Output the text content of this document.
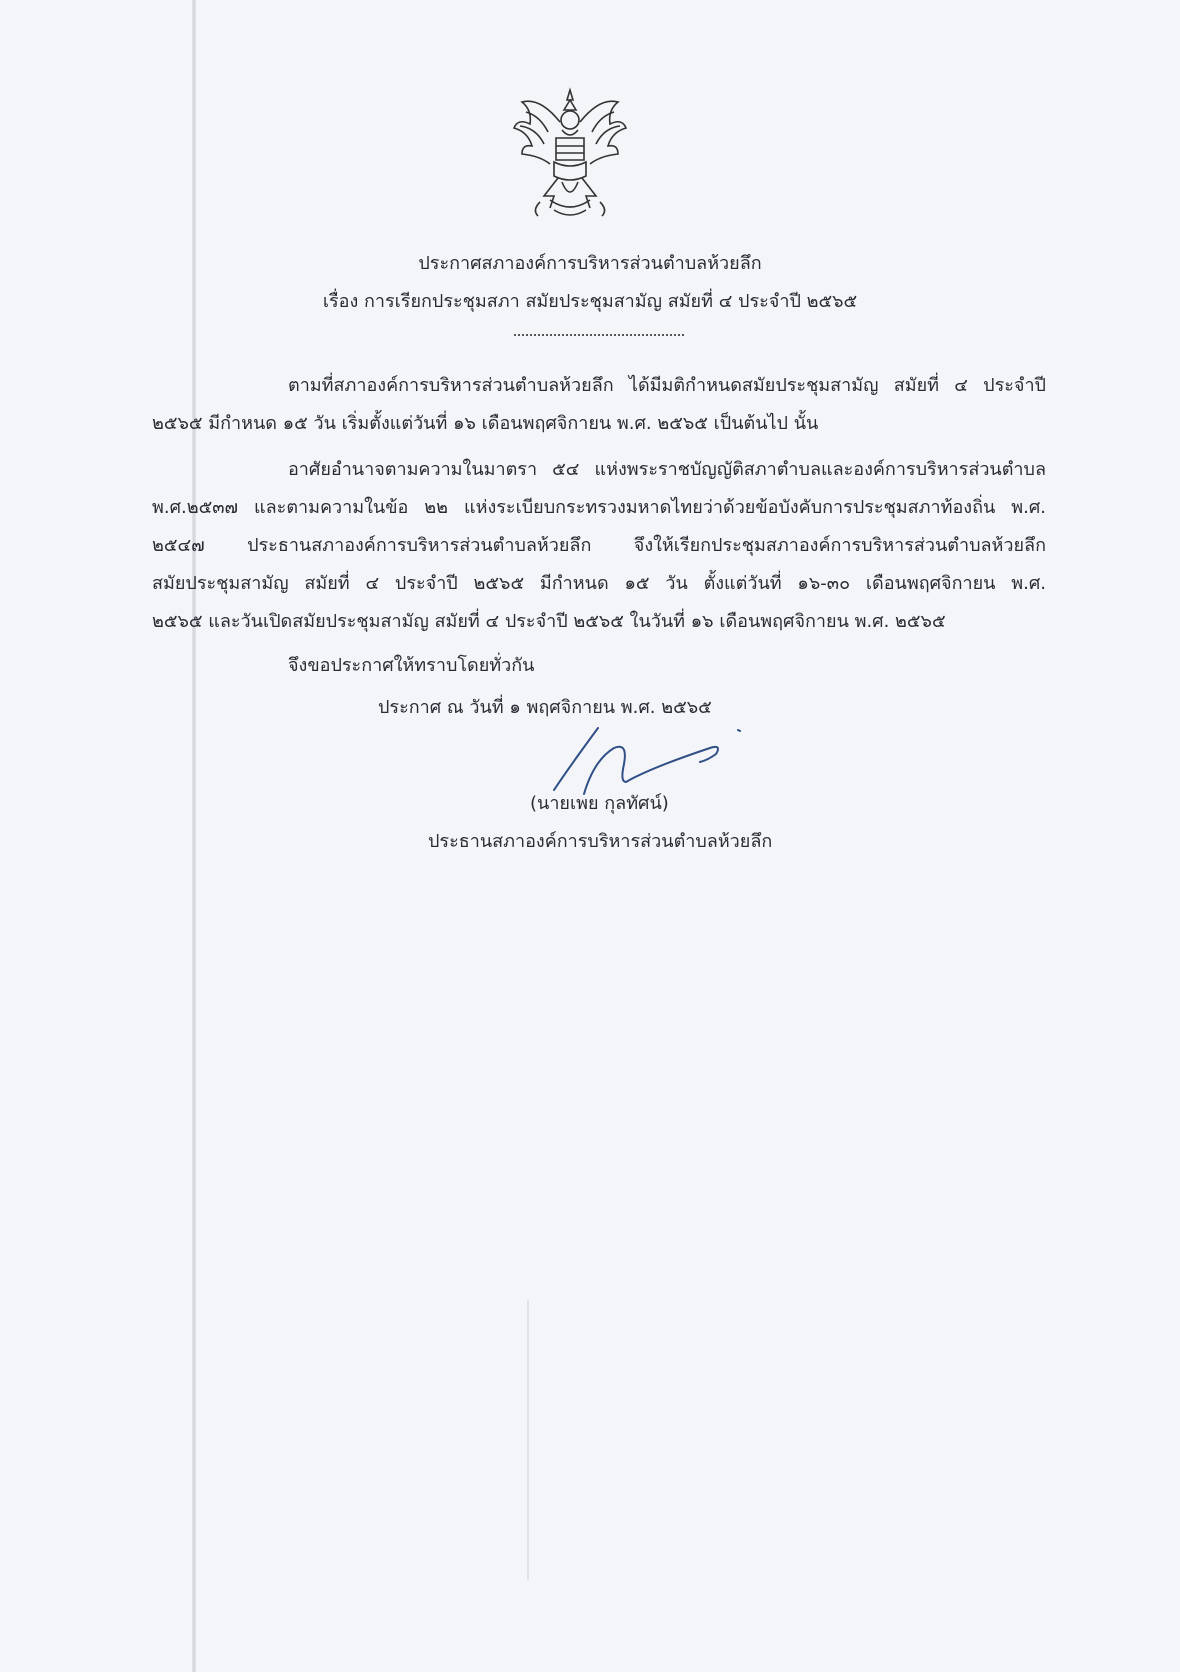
ประกาศสภาองค์การบริหารส่วนตำบลห้วยลึก
เรื่อง การเรียกประชุมสภา สมัยประชุมสามัญ สมัยที่ ๔ ประจำปี ๒๕๖๕
ตามที่สภาองค์การบริหารส่วนตำบลห้วยลึก ได้มีมติกำหนดสมัยประชุมสามัญ สมัยที่ ๔ ประจำปี
๒๕๖๕ มีกำหนด ๑๕ วัน เริ่มตั้งแต่วันที่ ๑๖ เดือนพฤศจิกายน พ.ศ. ๒๕๖๕ เป็นต้นไป นั้น
อาศัยอำนาจตามความในมาตรา ๕๔ แห่งพระราชบัญญัติสภาตำบลและองค์การบริหารส่วนตำบล
พ.ศ.๒๕๓๗ และตามความในข้อ ๒๒ แห่งระเบียบกระทรวงมหาดไทยว่าด้วยข้อบังคับการประชุมสภาท้องถิ่น พ.ศ.
๒๕๔๗ ประธานสภาองค์การบริหารส่วนตำบลห้วยลึก จึงให้เรียกประชุมสภาองค์การบริหารส่วนตำบลห้วยลึก
สมัยประชุมสามัญ สมัยที่ ๔ ประจำปี ๒๕๖๕ มีกำหนด ๑๕ วัน ตั้งแต่วันที่ ๑๖-๓๐ เดือนพฤศจิกายน พ.ศ.
๒๕๖๕ และวันเปิดสมัยประชุมสามัญ สมัยที่ ๔ ประจำปี ๒๕๖๕ ในวันที่ ๑๖ เดือนพฤศจิกายน พ.ศ. ๒๕๖๕
จึงขอประกาศให้ทราบโดยทั่วกัน
ประกาศ ณ วันที่ ๑ พฤศจิกายน พ.ศ. ๒๕๖๕
(นายเพย กุลทัศน์)
ประธานสภาองค์การบริหารส่วนตำบลห้วยลึก
